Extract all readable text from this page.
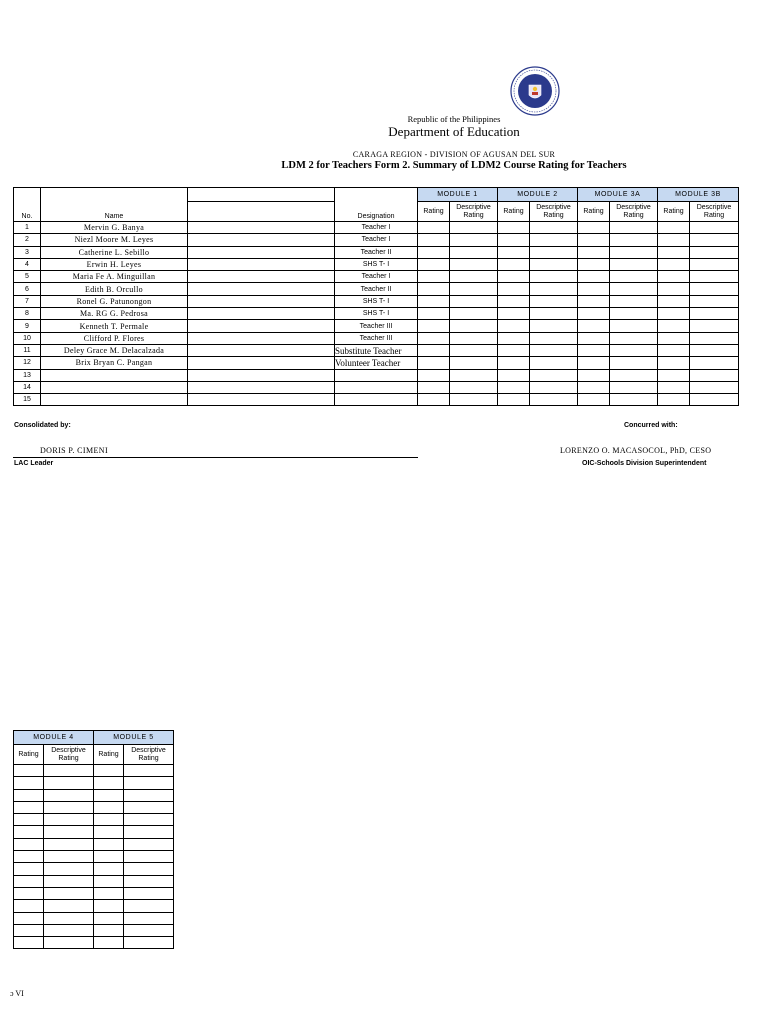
Republic of the Philippines
Department of Education
CARAGA REGION - DIVISION OF AGUSAN DEL SUR
LDM 2 for Teachers Form 2. Summary of LDM2 Course Rating for Teachers
No.	Name		Designation	MODULE 1		MODULE 2		MODULE 3A		MODULE 3B	
				Rating	Descriptive Rating	Rating	Descriptive Rating	Rating	Descriptive Rating	Rating	Descriptive Rating
1	Mervin G. Banya		Teacher I								
2	Niezl Moore M. Leyes		Teacher I								
3	Catherine L. Sebillo		Teacher II								
4	Erwin H. Leyes		SHS T- I								
5	Maria Fe A. Minguillan		Teacher I								
6	Edith B. Orcullo		Teacher II								
7	Ronel G. Patunongon		SHS T- I								
8	Ma. RG G. Pedrosa		SHS T- I								
9	Kenneth T. Permale		Teacher III								
10	Clifford P. Flores		Teacher III								
11	Deley Grace M. Delacalzada		Substitute Teacher								
12	Brix Bryan C. Pangan		Volunteer Teacher								
13											
14											
15											
Consolidated by:	Concurred with:
DORIS P. CIMENI
LAC Leader
LORENZO O. MACASOCOL, PhD, CESO
OIC-Schools Division Superintendent
MODULE 4		MODULE 5	
Rating	Descriptive Rating	Rating	Descriptive Rating

ɔ VI
